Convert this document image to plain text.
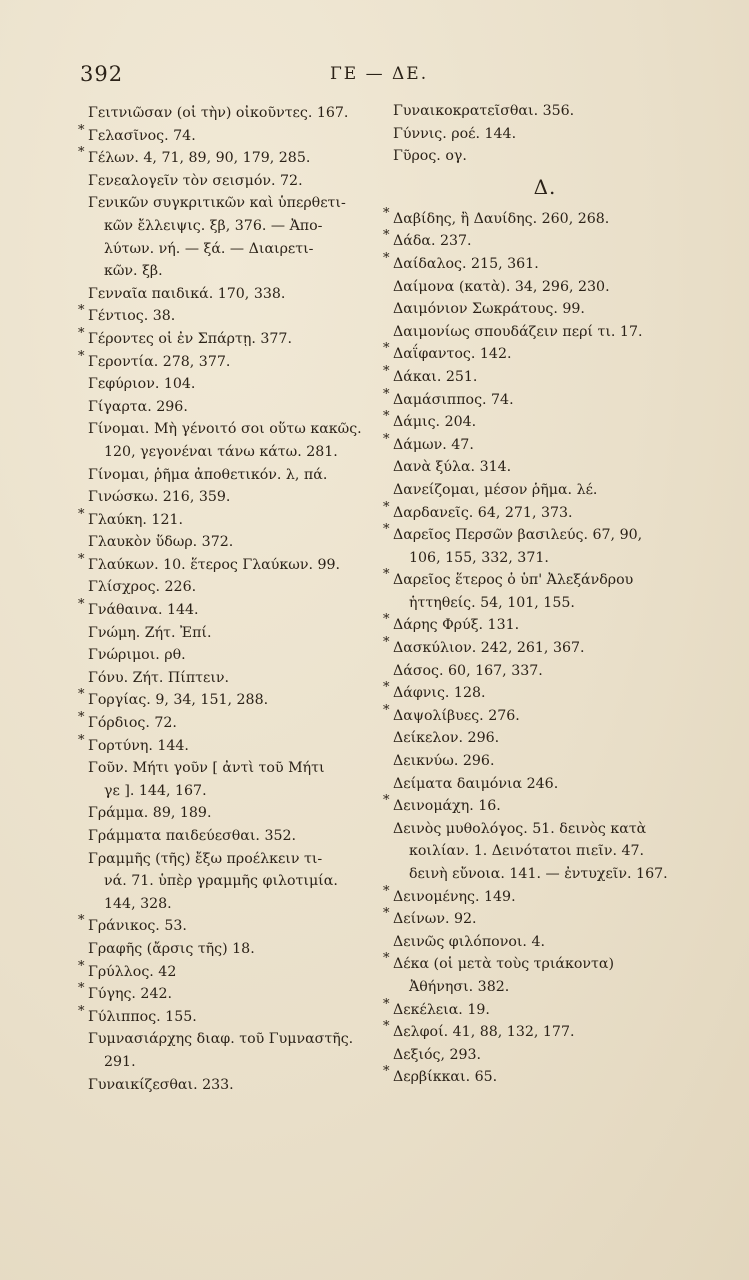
392	ΓΕ — ΔΕ.
Γειτνιῶσαν (οἱ τὴν) οἰκοῦντες. 167.
* Γελασῖνος. 74.
* Γέλων. 4, 71, 89, 90, 179, 285.
Γενεαλογεῖν τὸν σεισμόν. 72.
Γενικῶν συγκριτικῶν καὶ ὑπερθετι-
κῶν ἔλλειψις. ξβ, 376. — Ἀπο-
λύτων. νή. — ξά. — Διαιρετι-
κῶν. ξβ.
Γενναῖα παιδικά. 170, 338.
* Γέντιος. 38.
* Γέροντες οἱ ἐν Σπάρτῃ. 377.
* Γεροντία. 278, 377.
Γεφύριον. 104.
Γίγαρτα. 296.
Γίνομαι. Μὴ γένοιτό σοι οὕτω κακῶς.
120, γεγονέναι τάνω κάτω. 281.
Γίνομαι, ῥῆμα ἀποθετικόν. λ, πά.
Γινώσκω. 216, 359.
* Γλαύκη. 121.
Γλαυκὸν ὕδωρ. 372.
* Γλαύκων. 10. ἕτερος Γλαύκων. 99.
Γλίσχρος. 226.
* Γνάθαινα. 144.
Γνώμη. Ζήτ. Ἐπί.
Γνώριμοι. ρθ.
Γόνυ. Ζήτ. Πίπτειν.
* Γοργίας. 9, 34, 151, 288.
* Γόρδιος. 72.
* Γορτύνη. 144.
Γοῦν. Μήτι γοῦν [ ἀντὶ τοῦ Μήτι
γε ]. 144, 167.
Γράμμα. 89, 189.
Γράμματα παιδεύεσθαι. 352.
Γραμμῆς (τῆς) ἔξω προέλκειν τι-
νά. 71. ὑπὲρ γραμμῆς φιλοτιμία.
144, 328.
* Γράνικος. 53.
Γραφῆς (ἄρσις τῆς) 18.
* Γρύλλος. 42
* Γύγης. 242.
* Γύλιππος. 155.
Γυμνασιάρχης διαφ. τοῦ Γυμναστῆς.
291.
Γυναικίζεσθαι. 233.
Γυναικοκρατεῖσθαι. 356.
Γύννις. ροέ. 144.
Γῦρος. ογ.
Δ.
* Δαβίδης, ἢ Δαυίδης. 260, 268.
* Δάδα. 237.
* Δαίδαλος. 215, 361.
Δαίμονα (κατὰ). 34, 296, 230.
Δαιμόνιον Σωκράτους. 99.
Δαιμονίως σπουδάζειν περί τι. 17.
* Δαΐφαντος. 142.
* Δάκαι. 251.
* Δαμάσιππος. 74.
* Δάμις. 204.
* Δάμων. 47.
Δανὰ ξύλα. 314.
Δανείζομαι, μέσον ῥῆμα. λέ.
* Δαρδανεῖς. 64, 271, 373.
* Δαρεῖος Περσῶν βασιλεύς. 67, 90,
106, 155, 332, 371.
* Δαρεῖος ἕτερος ὁ ὑπ' Ἀλεξάνδρου
ἡττηθείς. 54, 101, 155.
* Δάρης Φρύξ. 131.
* Δασκύλιον. 242, 261, 367.
Δάσος. 60, 167, 337.
* Δάφνις. 128.
* Δαψολίβυες. 276.
Δείκελον. 296.
Δεικνύω. 296.
Δείματα δαιμόνια 246.
* Δεινομάχη. 16.
Δεινὸς μυθολόγος. 51. δεινὸς κατὰ
κοιλίαν. 1. Δεινότατοι πιεῖν. 47.
δεινὴ εὔνοια. 141. — ἐντυχεῖν. 167.
* Δεινομένης. 149.
* Δείνων. 92.
Δεινῶς φιλόπονοι. 4.
* Δέκα (οἱ μετὰ τοὺς τριάκοντα)
Ἀθήνησι. 382.
* Δεκέλεια. 19.
* Δελφοί. 41, 88, 132, 177.
Δεξιός, 293.
* Δερβίκκαι. 65.
